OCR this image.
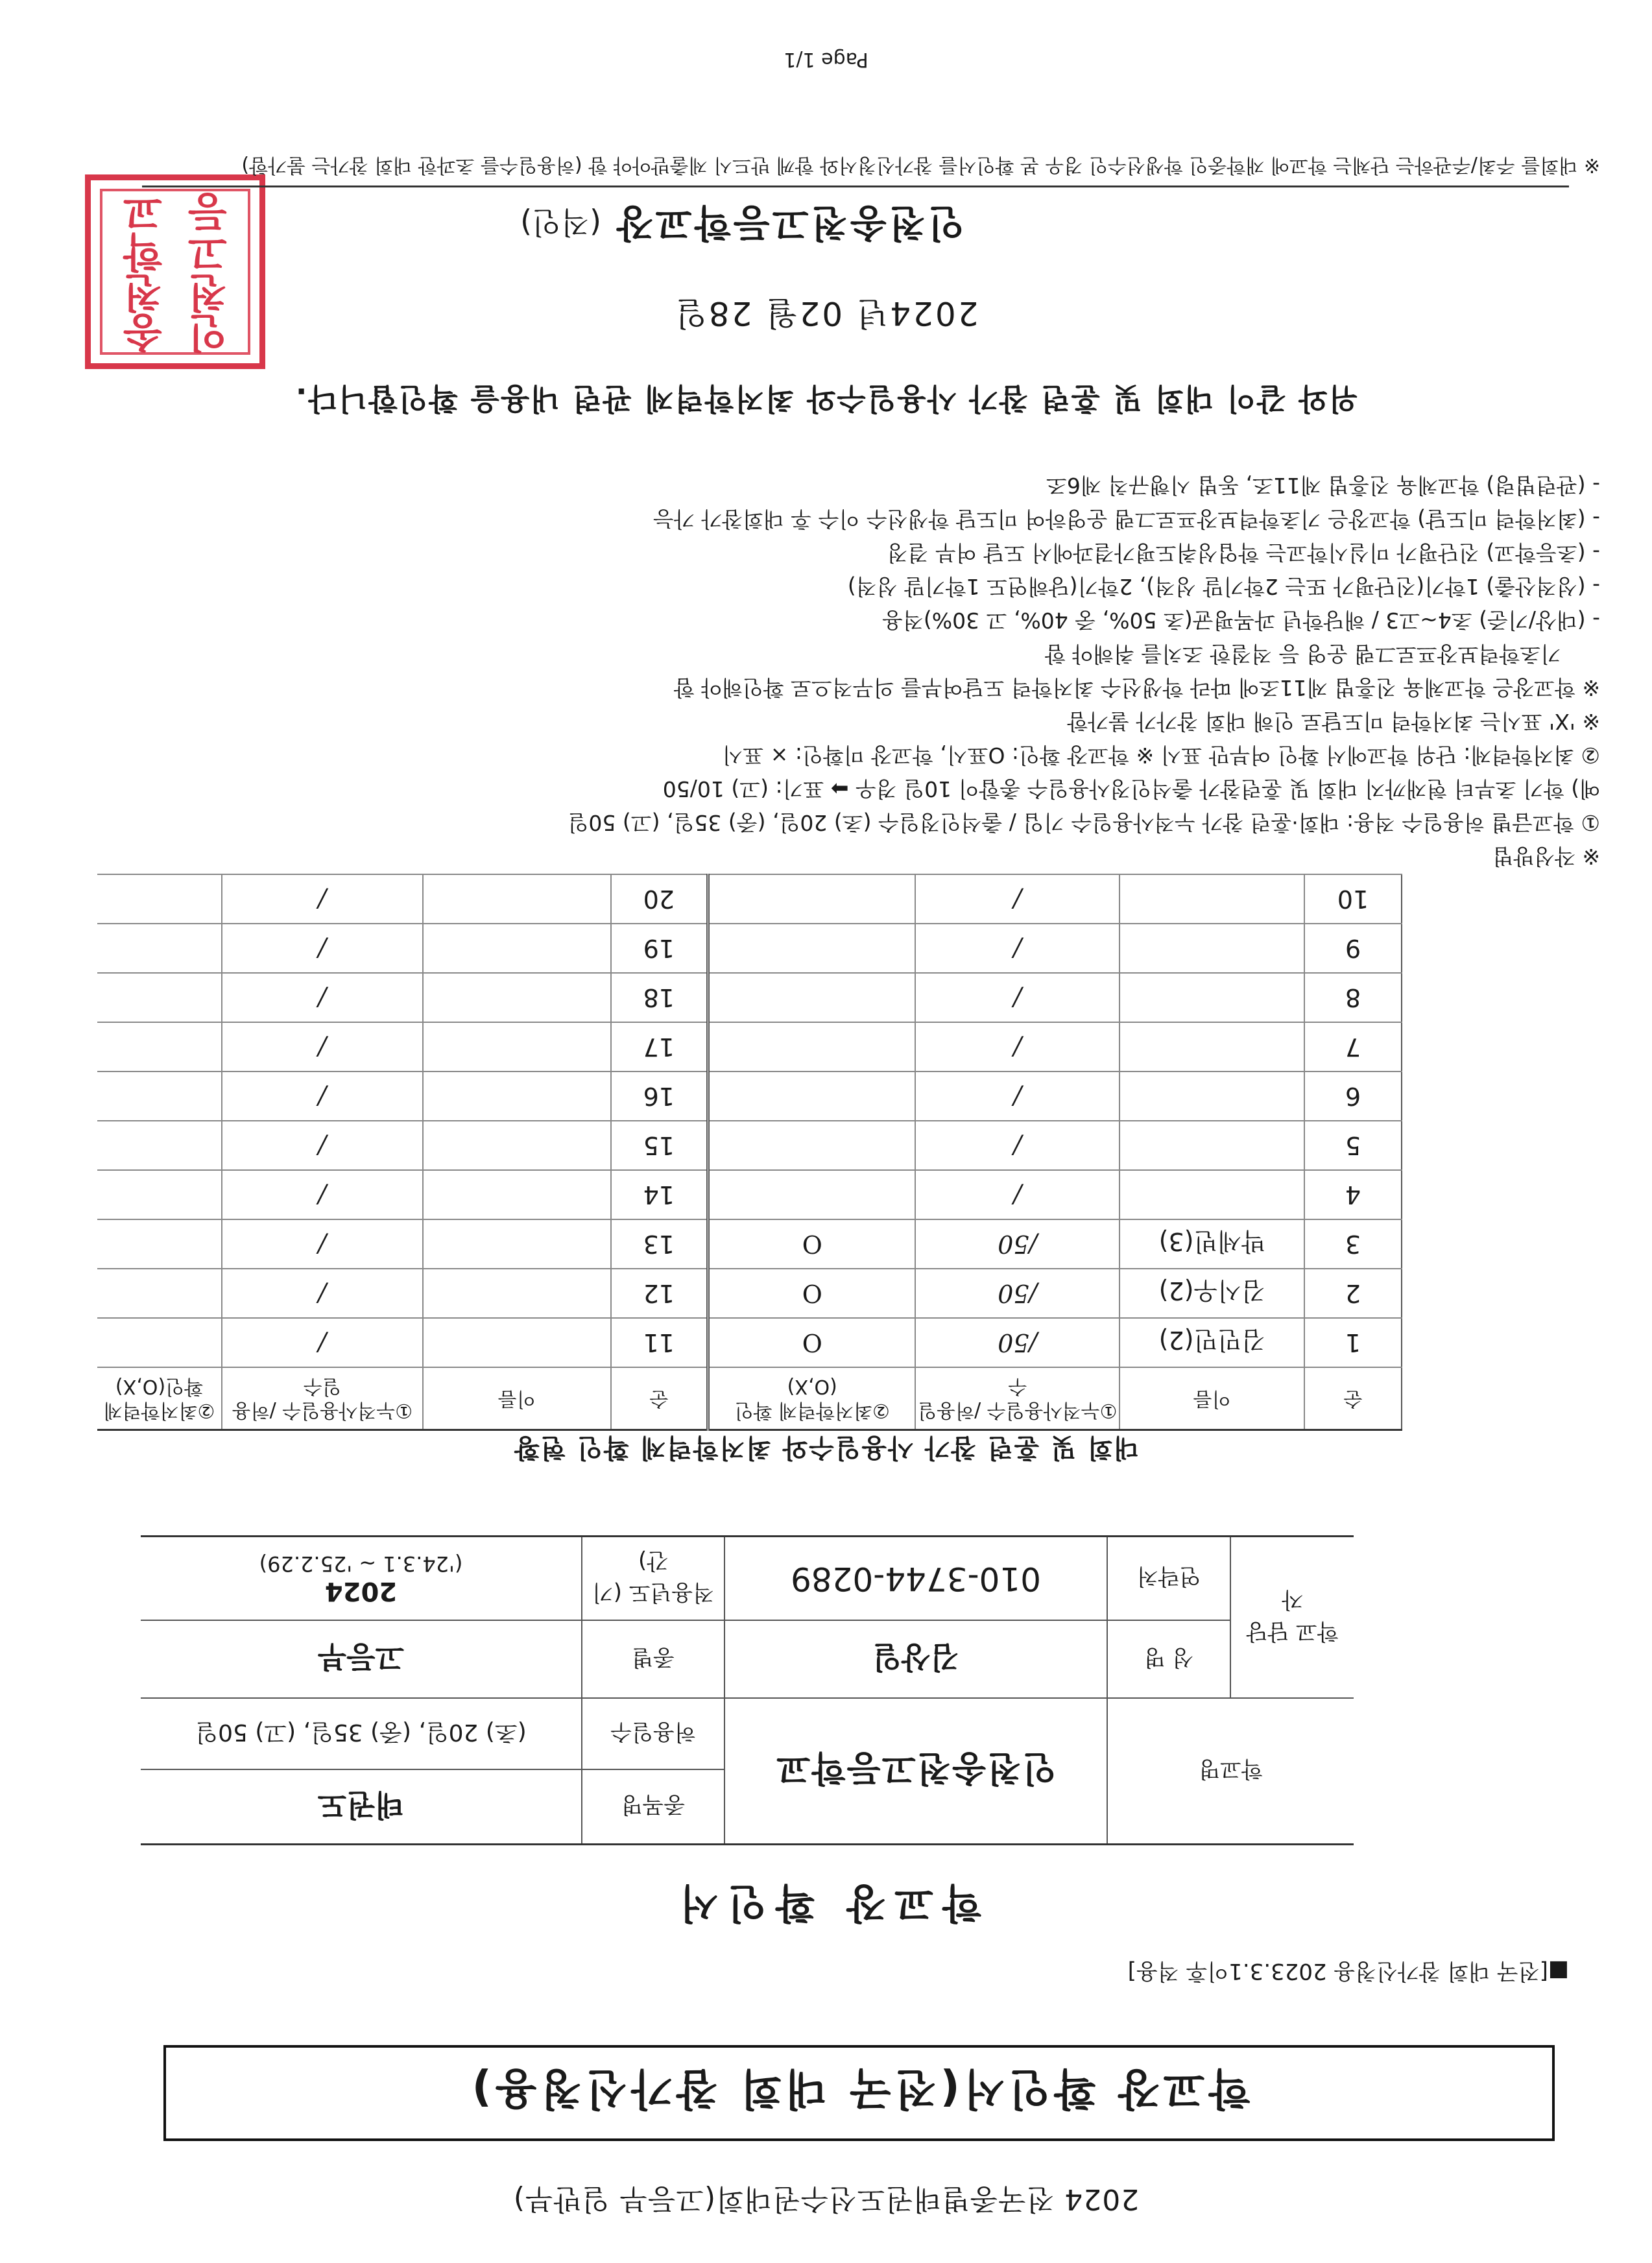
2024 전국종별태권도선수권대회(고등부 일반부)
학교장 확인서(전국 대회 참가신청용)
■[전국 대회 참가신청용 2023.3.1이후 적용]
학교장 확인서
학교명		인천송천고등학교	종목명	태권도
			허용일수	(초) 20일, (중) 35일, (고) 50일
학교 담당자	성 명	김상일	종별	고등부
	연락처	010-3744-0289	적용년도 (기간)	2024
('24.3.1 ~ '25.2.29)
대회 및 훈련 참가 사용일수와 최저학력제 확인 현황
순	이름	①누적사용일수 /허용일수	②최저학력제 확인(O,X)	순	이름	①누적사용일수 /허용일수	②최저학력제 확인(O,X)
1	김민민(2)	/50	O	11		/	
2	김시우(2)	/50	O	12		/	
3	박세빈(3)	/50	O	13		/	
4		/		14		/	
5		/		15		/	
6		/		16		/	
7		/		17		/	
8		/		18		/	
9		/		19		/	
10		/		20		/	
※ 작성방법
① 학교급별 허용일수 적용: 대회·훈련 참가 누적사용일수 기입 / 출석인정일수 (초) 20일, (중) 35일, (고) 50일
예) 학기 초부터 현재까지 대회 및 훈련참가 출석인정사용일수 총합이 10일 경우 ➡ 표기: (고) 10/50
② 최저학력제: 단위 학교에서 확인 여부만 표시 ※ 학교장 확인: O표시, 학교장 미확인: × 표시
※ 'X' 표시는 최저학력 미도달로 인해 대회 참가가 불가함
※ 학교장은 학교체육 진흥법 제11조에 따라 학생선수 최저학력 도달여부를 의무적으로 확인해야 함
기초학력보장프로그램 운영 등 적절한 조치를 취해야 함
- (대상/기준) 초4~고3 / 해당학년 과목평균(초 50%, 중 40%, 고 30%)적용
- (성적산출) 1학기(진단평가 또는 2학기말 성적), 2학기(당해연도 1학기말 성적)
- (초등학교) 진단평가 미실시학교는 학업성취도평가결과에서 도달 여부 결정
- (최저학력 미도달) 학교장은 기초학력보장프로그램 운영하여 미도달 학생선수 이수 후 대회참가 가능
- (관련법령) 학교체육 진흥법 제11조, 동법 시행규칙 제6조
위와 같이 대회 및 훈련 참가 사용일수와 최저학력제 관련 내용을 확인합니다.
2024년 02월 28일
인천송천고등학교장
(직인)
인천
송천
고등
학교
※ 대회를 주최/주관하는 단체는 학교에 재학중인 학생선수인 경우 본 확인서를 참가신청서와 함께 반드시 제출받아야 함 (허용일수를 초과한 대회 참가는 불가함)
Page 1/1
